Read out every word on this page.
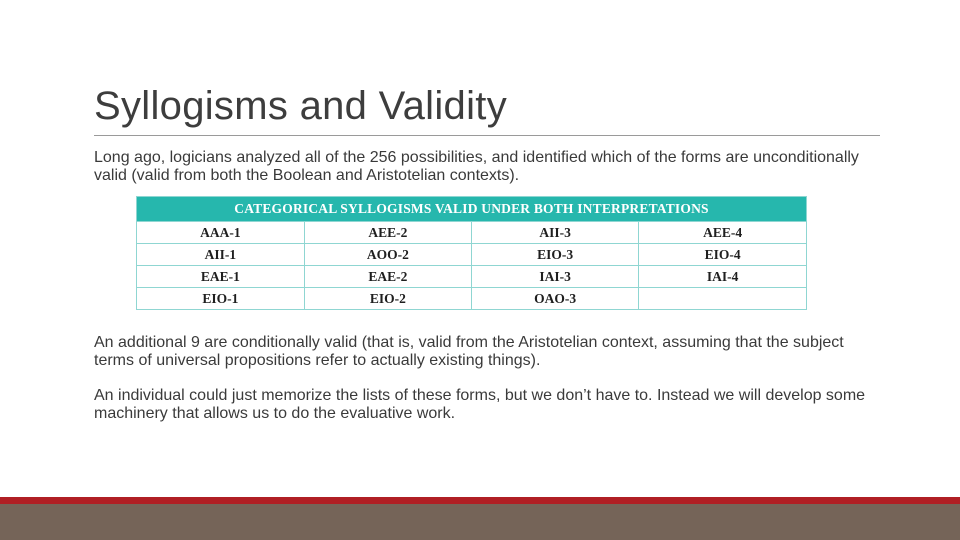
Syllogisms and Validity
Long ago, logicians analyzed all of the 256 possibilities, and identified which of the forms are unconditionally valid (valid from both the Boolean and Aristotelian contexts).
CATEGORICAL SYLLOGISMS VALID UNDER BOTH INTERPRETATIONS
AAA-1	AEE-2	AII-3	AEE-4
AII-1	AOO-2	EIO-3	EIO-4
EAE-1	EAE-2	IAI-3	IAI-4
EIO-1	EIO-2	OAO-3	
An additional 9 are conditionally valid (that is, valid from the Aristotelian context, assuming that the subject terms of universal propositions refer to actually existing things).
An individual could just memorize the lists of these forms, but we don’t have to. Instead we will develop some machinery that allows us to do the evaluative work.
